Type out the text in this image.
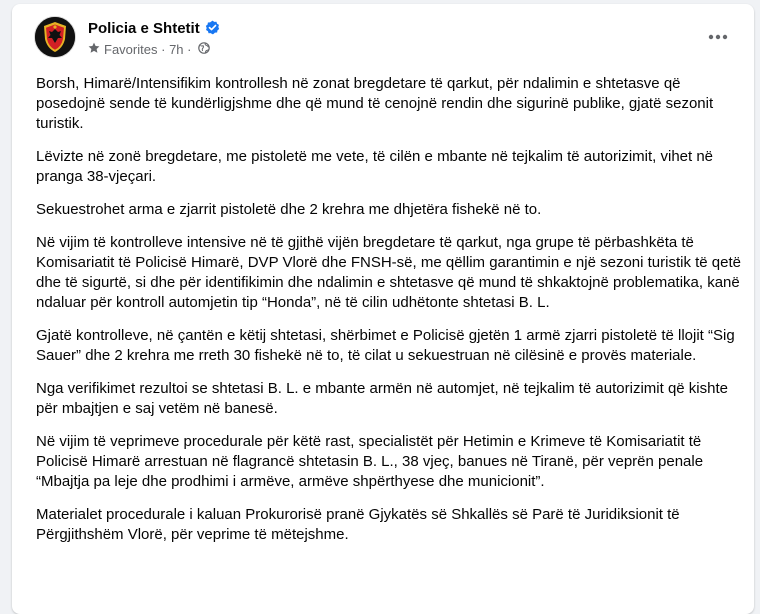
Policia e Shtetit
Favorites · 7h ·

Borsh, Himarë/Intensifikim kontrollesh në zonat bregdetare të qarkut, për ndalimin e shtetasve që posedojnë sende të kundërligjshme dhe që mund të cenojnë rendin dhe sigurinë publike, gjatë sezonit turistik.

Lëvizte në zonë bregdetare, me pistoletë me vete, të cilën e mbante në tejkalim të autorizimit, vihet në pranga 38-vjeçari.

Sekuestrohet arma e zjarrit pistoletë dhe 2 krehra me dhjetëra fishekë në to.

Në vijim të kontrolleve intensive në të gjithë vijën bregdetare të qarkut, nga grupe të përbashkëta të Komisariatit të Policisë Himarë, DVP Vlorë dhe FNSH-së, me qëllim garantimin e një sezoni turistik të qetë dhe të sigurtë, si dhe për identifikimin dhe ndalimin e shtetasve që mund të shkaktojnë problematika, kanë ndaluar për kontroll automjetin tip “Honda”, në të cilin udhëtonte shtetasi B. L.

Gjatë kontrolleve, në çantën e këtij shtetasi, shërbimet e Policisë gjetën 1 armë zjarri pistoletë të llojit “Sig Sauer” dhe 2 krehra me rreth 30 fishekë në to, të cilat u sekuestruan në cilësinë e provës materiale.

Nga verifikimet rezultoi se shtetasi B. L. e mbante armën në automjet, në tejkalim të autorizimit që kishte për mbajtjen e saj vetëm në banesë.

Në vijim të veprimeve procedurale për këtë rast, specialistët për Hetimin e Krimeve të Komisariatit të Policisë Himarë arrestuan në flagrancë shtetasin B. L., 38 vjeç, banues në Tiranë, për veprën penale “Mbajtja pa leje dhe prodhimi i armëve, armëve shpërthyese dhe municionit”.

Materialet procedurale i kaluan Prokurorisë pranë Gjykatës së Shkallës së Parë të Juridiksionit të Përgjithshëm Vlorë, për veprime të mëtejshme.
